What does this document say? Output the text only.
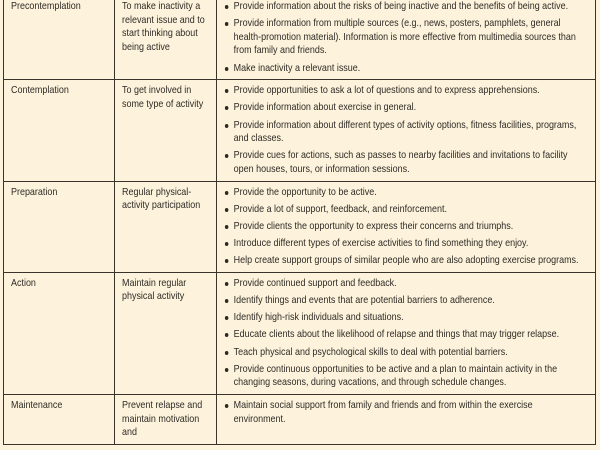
Precontemplation	To make inactivity a relevant issue and to start thinking about being active

Provide information about the risks of being inactive and the benefits of being active.
Provide information from multiple sources (e.g., news, posters, pamphlets, general health-promotion material). Information is more effective from multimedia sources than from family and friends.
Make inactivity a relevant issue.

Contemplation	To get involved in some type of activity

Provide opportunities to ask a lot of questions and to express apprehensions.
Provide information about exercise in general.
Provide information about different types of activity options, fitness facilities, programs, and classes.
Provide cues for actions, such as passes to nearby facilities and invitations to facility open houses, tours, or information sessions.

Preparation	Regular physical-activity participation

Provide the opportunity to be active.
Provide a lot of support, feedback, and reinforcement.
Provide clients the opportunity to express their concerns and triumphs.
Introduce different types of exercise activities to find something they enjoy.
Help create support groups of similar people who are also adopting exercise programs.

Action	Maintain regular physical activity

Provide continued support and feedback.
Identify things and events that are potential barriers to adherence.
Identify high-risk individuals and situations.
Educate clients about the likelihood of relapse and things that may trigger relapse.
Teach physical and psychological skills to deal with potential barriers.
Provide continuous opportunities to be active and a plan to maintain activity in the changing seasons, during vacations, and through schedule changes.

Maintenance	Prevent relapse and maintain motivation and

Maintain social support from family and friends and from within the exercise environment.
